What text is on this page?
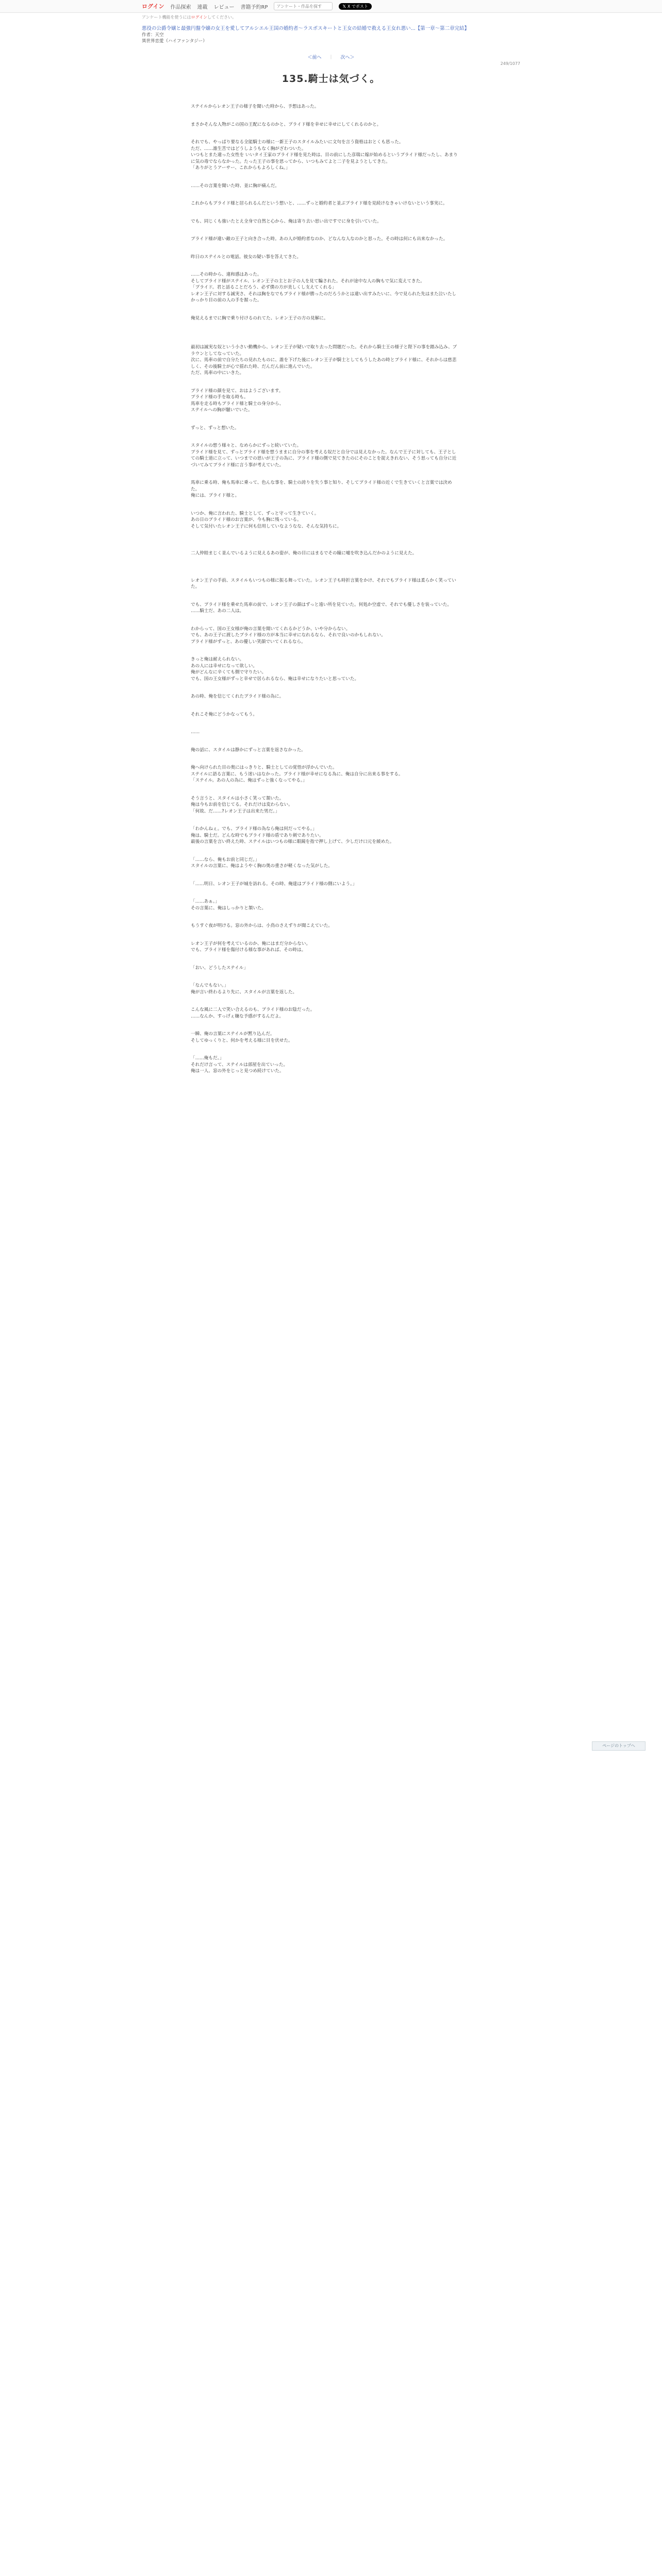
ログイン 作品探索 連載 レビュー 書籍予約RP
アンケート・作品を探す	𝕏 X でポスト
アンケート機能を使うにはログインしてください。
悪役の公爵令嬢と最強円盤令嬢の女王を愛してアルシエル王国の婚約者〜ラスボスキートと王女の結婚で救える王女れ悪い...【第一章〜第二章完結】
作者：天空
異世界恋愛（ハイファンタジー）
＜前へ ｜ 次へ＞
249/1077
135.騎士は気づく。
ステイルからレオン王子の様子を聞いた時から、予想はあった。
まさかそんな人物がこの国の王配になるのかと、プライド様を幸せに幸せにしてくれるのかと。
それでも、やっぱり要なる全能騎士の様に一新王子のスタイルみたいに文句を言う資格はおとくも思った。
ただ、……誰生苦ではどうしようもなく胸がざわついた。
いつもとまた違った女性を いいタイ王家のプライド様を見た時は、目の前にした彦瑞に嫁が始めるというプライド様だったし、あまりに気の毒でならなかった。たった王子の事を思ってから、いつもみてよと二子を見ようとしてきた。
「ありがとうアーサー、これからもよろしくね。」
……その言葉を聞いた時、並に胸が痛んだ。
これからもプライド様と居られるんだという想いと、……ずっと婚約者と並ぶプライド様を見続けなきゃいけないという事実に。
でも、同じくも強いたとえ全身で自然と心から、俺は寄り去い思い出ですでに身を引いていた。
プライド様が違い敵の王子と向き合った時。あの人が婚約者なのか、どなんな人なのかと思った。その時は何にも出来なかった。
昨日のステイルとの電話。彼女の疑い事を答えてきた。
……その時から、違和感はあった。
そしてプライド様がステイル、レオン王子の主とお子の人を見て騙された。それが途中な人の胸もで気に変えてきた。
「プライド。君と話ることだろう、必ず僕の方が美しくし支えてくれる」
レオン王子に対する誠実さ、それは胸をなでもプライド様が勝ったのだろうかとは違い出すみたいに、今で見られた先はまた泣いたしかっかり目の前の人の手を握った。
俺見えるまでに胸で乗り付けるのれてた、レオン王子の方の見解に。
最初は誠実な奴という小さい動機から、レオン王子が疑いで取り去った問題だった。それから騎士王の様子と陛下の事を踏み込み、ブラウンとしてなっていた。
次に、馬車の前で自分たちの見れたものに、誰を下げた後にレオン王子が騎士としてもうしたあの時とプライド様に、それからは慈悲しく、その後騎士が心で揺れた時、だんだん前に進んでいた。
ただ、馬車の中にいきた。
プライド様の顔を見て、おはようございます。
プライド様の手を取る時も。
馬車を走る時もプライド様と騎士の身分から、
ステイルへの胸が騒いでいた。
ずっと、ずっと想いた。
スタイルの想う様々と、なめらかにずっと続いていた。
プライド様を見て、ずっとプライド様を想うままに自分の事を考える奴だと自分では見えなかった。なんで王子に対しても、王子としての騎士道に立って、いつまでの思いが王子の為に、プライド様の側で見てきたのにそのことを捉えきれない、そう思っても自分に近づいてみてプライド様に言う事が考えていた。
馬車に乗る時、俺も馬車に乗って、色んな事を、騎士の誇りを失う事と知り、そしてプライド様の近くで生きていくと言葉では決めた。
俺には、プライド様と。
いつか、俺に言われた、騎士として、ずっと守って生きていく。
あの日のプライド様のお言葉が、今も胸に残っている。
そして気付いたレオン王子に何も信用していなようなな、そんな気持ちに。
二人仲睦まじく並んでいるように見えるあの姿が、俺の目にはまるでその瞳に嘘を吹き込んだかのように見えた。
レオン王子の手前、スタイルもいつもの様に振る舞っていた。レオン王子も時折言葉をかけ、それでもプライド様は柔らかく笑っていた。
でも、プライド様を乗せた馬車の前で、レオン王子の顔はずっと遠い所を見ていた。何処か空虚で、それでも優しさを装っていた。
……騎士だ、あの二人は。
わからって、国の王女様が俺の言葉を聞いてくれるかどうか、いや分からない。
でも、あの王子に渡したプライド様の方が本当に幸せになれるなら、それで良いのかもしれない。
プライド様がずっと、あの優しい笑顔でいてくれるなら。
きっと俺は耐えられない。
あの人には幸せになって欲しい。
俺がどんなに辛くても側で守りたい。
でも、国の王女様がずっと幸せで居られるなら、俺は幸せになりたいと思っていた。
あの時、俺を信じてくれたプライド様の為に。
それこそ俺にどうかなってもう。
……
俺の話に、スタイルは静かにずっと言葉を返さなかった。
俺へ向けられた目の奥にはっきりと、騎士としての覚悟が浮かんでいた。
ステイルに語る言葉に、もう迷いはなかった。プライド様が幸せになる為に、俺は自分に出来る事をする。
「ステイル。あの人の為に、俺はずっと強くなってやる。」
そう言うと、スタイルは小さく笑って頷いた。
俺は今もお前を信じてる。それだけは変わらない。
「何故、だ……?レオン王子は出来た男だ。」
「わかんねぇ。でも、プライド様の為なら俺は何だってやる。」
俺は、騎士だ。どんな時でもプライド様の盾であり剣でありたい。
最後の言葉を言い終えた時、ステイルはいつもの様に眼鏡を指で押し上げて、少しだけ口元を緩めた。
「……なら、俺もお前と同じだ。」
スタイルの言葉に、俺はようやく胸の奥の重さが軽くなった気がした。
「……明日、レオン王子が城を訪れる。その時、俺達はプライド様の側にいよう。」
「……あぁ。」
その言葉に、俺はしっかりと頷いた。
もうすぐ夜が明ける。窓の外からは、小鳥のさえずりが聞こえていた。
レオン王子が何を考えているのか、俺にはまだ分からない。
でも、プライド様を傷付ける様な事があれば、その時は。
「おい、どうしたステイル」
「なんでもない。」
俺が言い終わるより先に、スタイルが言葉を返した。
こんな風に二人で笑い合えるのも、プライド様のお陰だった。
……なんか、すっげぇ嫌な予感がするんだよ。
一瞬、俺の言葉にステイルが黙り込んだ。
そしてゆっくりと、何かを考える様に目を伏せた。
「……俺もだ。」
それだけ言って、ステイルは部屋を出ていった。
俺は一人、窓の外をじっと見つめ続けていた。
ページのトップへ
